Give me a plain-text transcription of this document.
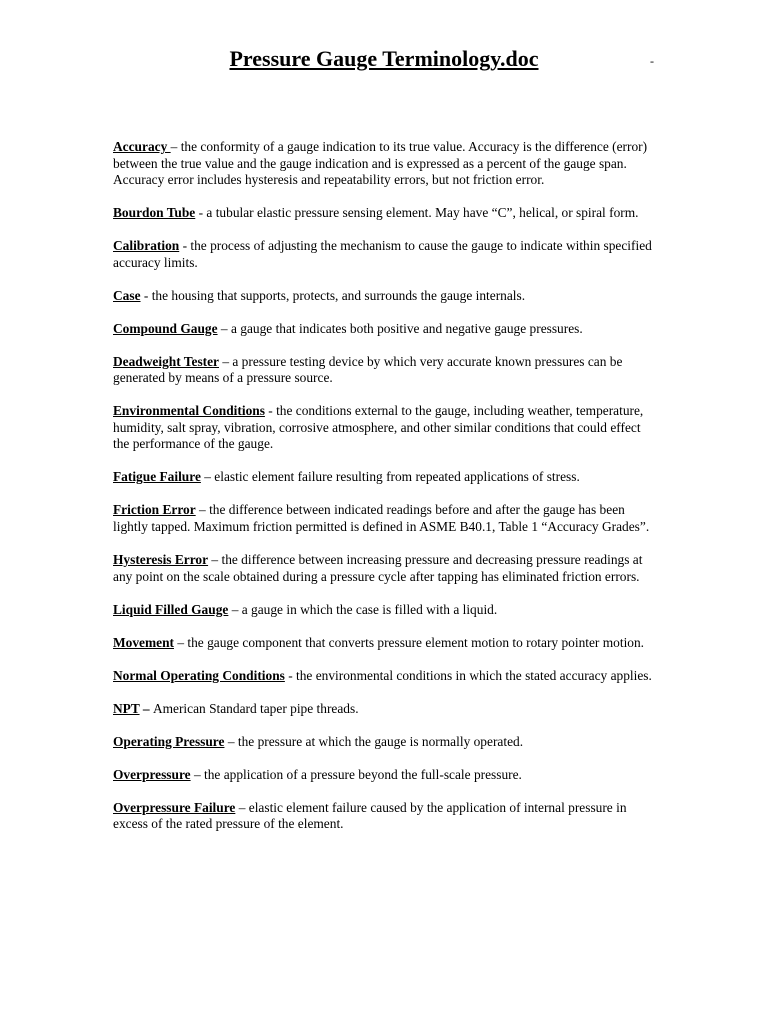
Pressure Gauge Terminology.doc	-

Accuracy – the conformity of a gauge indication to its true value. Accuracy is the difference (error) between the true value and the gauge indication and is expressed as a percent of the gauge span. Accuracy error includes hysteresis and repeatability errors, but not friction error.

Bourdon Tube - a tubular elastic pressure sensing element. May have “C”, helical, or spiral form.

Calibration - the process of adjusting the mechanism to cause the gauge to indicate within specified accuracy limits.

Case - the housing that supports, protects, and surrounds the gauge internals.

Compound Gauge – a gauge that indicates both positive and negative gauge pressures.

Deadweight Tester – a pressure testing device by which very accurate known pressures can be generated by means of a pressure source.

Environmental Conditions - the conditions external to the gauge, including weather, temperature, humidity, salt spray, vibration, corrosive atmosphere, and other similar conditions that could effect the performance of the gauge.

Fatigue Failure – elastic element failure resulting from repeated applications of stress.

Friction Error – the difference between indicated readings before and after the gauge has been lightly tapped. Maximum friction permitted is defined in ASME B40.1, Table 1 “Accuracy Grades”.

Hysteresis Error – the difference between increasing pressure and decreasing pressure readings at any point on the scale obtained during a pressure cycle after tapping has eliminated friction errors.

Liquid Filled Gauge – a gauge in which the case is filled with a liquid.

Movement – the gauge component that converts pressure element motion to rotary pointer motion.

Normal Operating Conditions - the environmental conditions in which the stated accuracy applies.

NPT – American Standard taper pipe threads.

Operating Pressure – the pressure at which the gauge is normally operated.

Overpressure – the application of a pressure beyond the full-scale pressure.

Overpressure Failure – elastic element failure caused by the application of internal pressure in excess of the rated pressure of the element.
